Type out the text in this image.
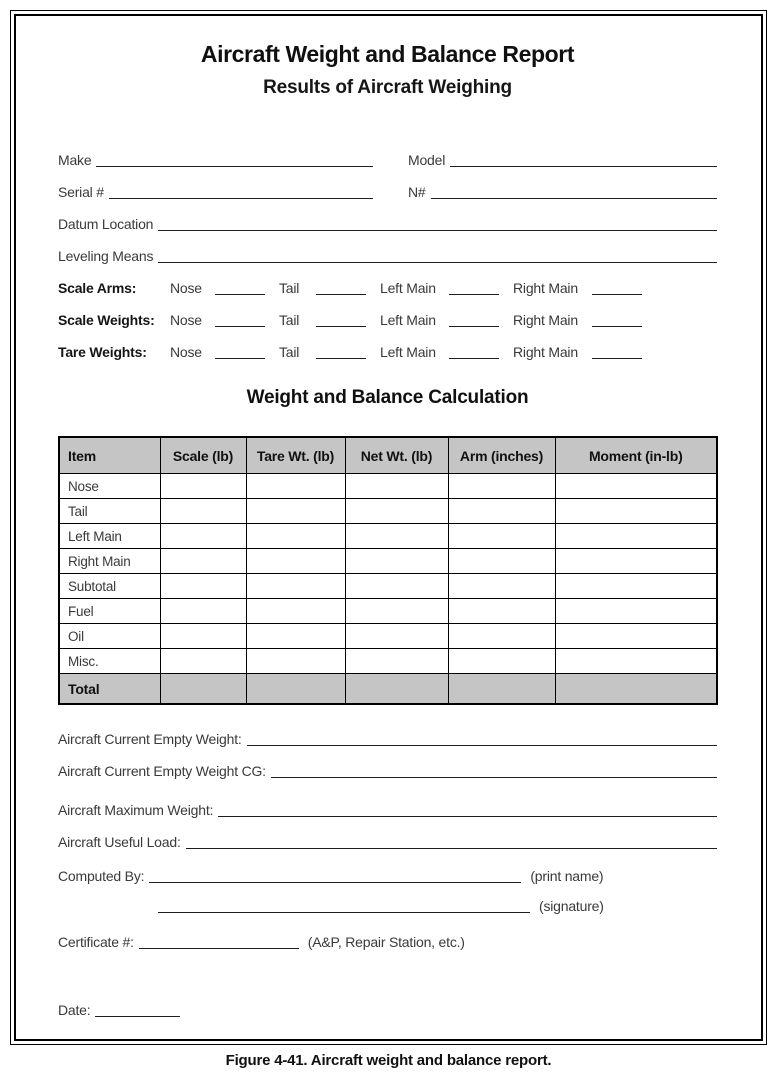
Aircraft Weight and Balance Report
Results of Aircraft Weighing
Make	Model
Serial #	N#
Datum Location
Leveling Means
Scale Arms:	Nose	Tail	Left Main	Right Main
Scale Weights:	Nose	Tail	Left Main	Right Main
Tare Weights:	Nose	Tail	Left Main	Right Main
Weight and Balance Calculation
Item	Scale (lb)	Tare Wt. (lb)	Net Wt. (lb)	Arm (inches)	Moment (in-lb)
Nose					
Tail					
Left Main					
Right Main					
Subtotal					
Fuel					
Oil					
Misc.					
Total					
Aircraft Current Empty Weight:
Aircraft Current Empty Weight CG:
Aircraft Maximum Weight:
Aircraft Useful Load:
Computed By:	(print name)
(signature)
Certificate #:	(A&P, Repair Station, etc.)
Date:
Figure 4-41. Aircraft weight and balance report.
